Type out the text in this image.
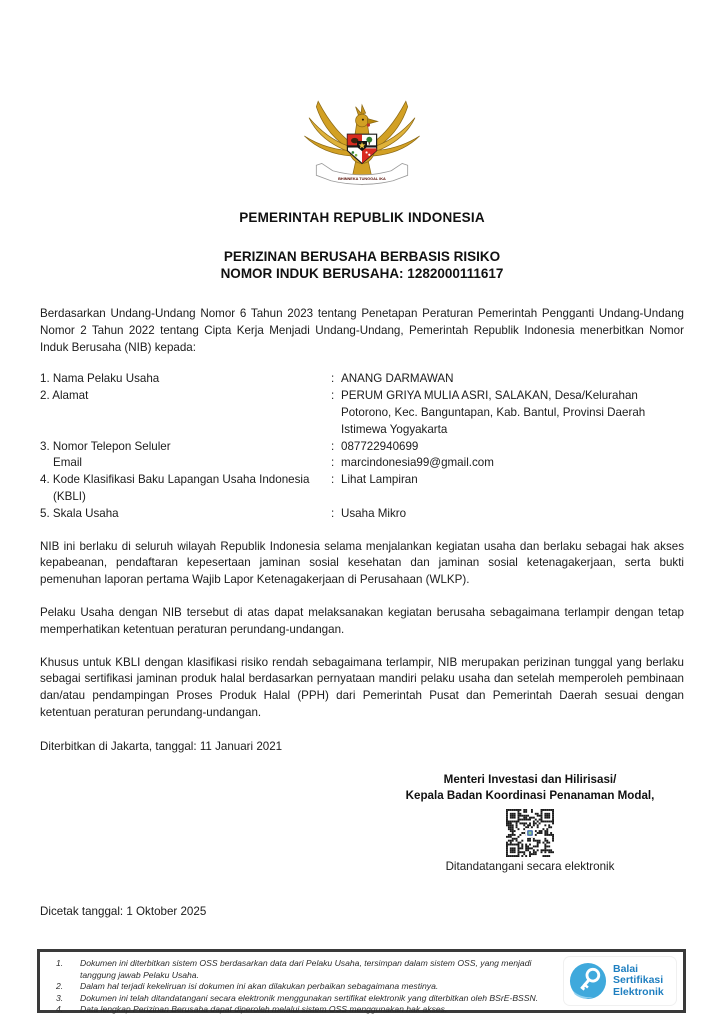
BHINNEKA TUNGGAL IKA
PEMERINTAH REPUBLIK INDONESIA
PERIZINAN BERUSAHA BERBASIS RISIKO
NOMOR INDUK BERUSAHA: 1282000111617
Berdasarkan Undang-Undang Nomor 6 Tahun 2023 tentang Penetapan Peraturan Pemerintah Pengganti Undang-Undang Nomor 2 Tahun 2022 tentang Cipta Kerja Menjadi Undang-Undang, Pemerintah Republik Indonesia menerbitkan Nomor Induk Berusaha (NIB) kepada:
1. Nama Pelaku Usaha	: ANANG DARMAWAN
2. Alamat	: PERUM GRIYA MULIA ASRI, SALAKAN, Desa/Kelurahan Potorono, Kec. Banguntapan, Kab. Bantul, Provinsi Daerah Istimewa Yogyakarta
3. Nomor Telepon Seluler	: 087722940699
Email	: marcindonesia99@gmail.com
4. Kode Klasifikasi Baku Lapangan Usaha Indonesia (KBLI)
: Lihat Lampiran
5. Skala Usaha	: Usaha Mikro
NIB ini berlaku di seluruh wilayah Republik Indonesia selama menjalankan kegiatan usaha dan berlaku sebagai hak akses kepabeanan, pendaftaran kepesertaan jaminan sosial kesehatan dan jaminan sosial ketenagakerjaan, serta bukti pemenuhan laporan pertama Wajib Lapor Ketenagakerjaan di Perusahaan (WLKP).
Pelaku Usaha dengan NIB tersebut di atas dapat melaksanakan kegiatan berusaha sebagaimana terlampir dengan tetap memperhatikan ketentuan peraturan perundang-undangan.
Khusus untuk KBLI dengan klasifikasi risiko rendah sebagaimana terlampir, NIB merupakan perizinan tunggal yang berlaku sebagai sertifikasi jaminan produk halal berdasarkan pernyataan mandiri pelaku usaha dan setelah memperoleh pembinaan dan/atau pendampingan Proses Produk Halal (PPH) dari Pemerintah Pusat dan Pemerintah Daerah sesuai dengan ketentuan peraturan perundang-undangan.
Diterbitkan di Jakarta, tanggal: 11 Januari 2021
Menteri Investasi dan Hilirisasi/
Kepala Badan Koordinasi Penanaman Modal,
Ditandatangani secara elektronik
Dicetak tanggal: 1 Oktober 2025
1. Dokumen ini diterbitkan sistem OSS berdasarkan data dari Pelaku Usaha, tersimpan dalam sistem OSS, yang menjadi tanggung jawab Pelaku Usaha.
2. Dalam hal terjadi kekeliruan isi dokumen ini akan dilakukan perbaikan sebagaimana mestinya.
3. Dokumen ini telah ditandatangani secara elektronik menggunakan sertifikat elektronik yang diterbitkan oleh BSrE-BSSN.
4. Data lengkap Perizinan Berusaha dapat diperoleh melalui sistem OSS menggunakan hak akses.
Balai
Sertifikasi
Elektronik
